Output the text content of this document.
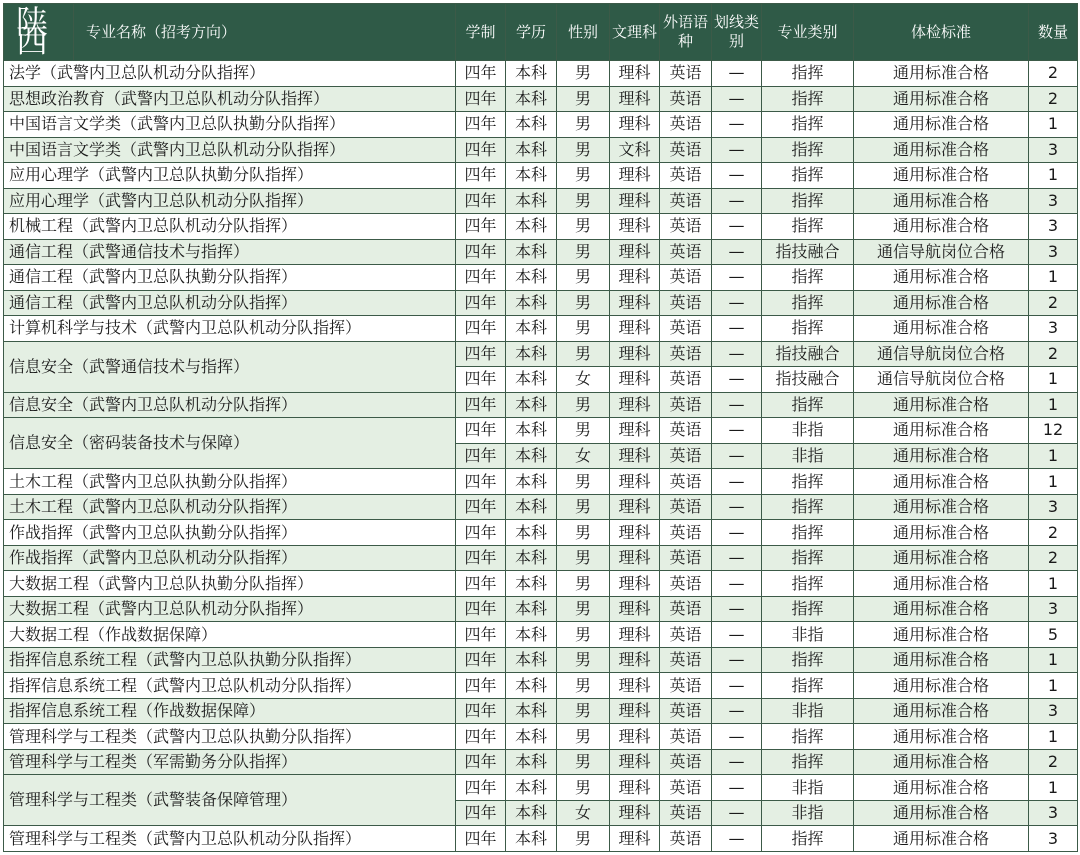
陕西	专业名称（招考方向）	学制	学历	性别	文理科	外语语种	划线类别	专业类别	体检标准	数量
法学（武警内卫总队机动分队指挥）		四年	本科	男	理科	英语	—	指挥	通用标准合格	2
思想政治教育（武警内卫总队机动分队指挥）		四年	本科	男	理科	英语	—	指挥	通用标准合格	2
中国语言文学类（武警内卫总队执勤分队指挥）		四年	本科	男	理科	英语	—	指挥	通用标准合格	1
中国语言文学类（武警内卫总队机动分队指挥）		四年	本科	男	文科	英语	—	指挥	通用标准合格	3
应用心理学（武警内卫总队执勤分队指挥）		四年	本科	男	理科	英语	—	指挥	通用标准合格	1
应用心理学（武警内卫总队机动分队指挥）		四年	本科	男	理科	英语	—	指挥	通用标准合格	3
机械工程（武警内卫总队机动分队指挥）		四年	本科	男	理科	英语	—	指挥	通用标准合格	3
通信工程（武警通信技术与指挥）		四年	本科	男	理科	英语	—	指技融合	通信导航岗位合格	3
通信工程（武警内卫总队执勤分队指挥）		四年	本科	男	理科	英语	—	指挥	通用标准合格	1
通信工程（武警内卫总队机动分队指挥）		四年	本科	男	理科	英语	—	指挥	通用标准合格	2
计算机科学与技术（武警内卫总队机动分队指挥）		四年	本科	男	理科	英语	—	指挥	通用标准合格	3
信息安全（武警通信技术与指挥）		四年	本科	男	理科	英语	—	指技融合	通信导航岗位合格	2
		四年	本科	女	理科	英语	—	指技融合	通信导航岗位合格	1
信息安全（武警内卫总队机动分队指挥）		四年	本科	男	理科	英语	—	指挥	通用标准合格	1
信息安全（密码装备技术与保障）		四年	本科	男	理科	英语	—	非指	通用标准合格	12
		四年	本科	女	理科	英语	—	非指	通用标准合格	1
土木工程（武警内卫总队执勤分队指挥）		四年	本科	男	理科	英语	—	指挥	通用标准合格	1
土木工程（武警内卫总队机动分队指挥）		四年	本科	男	理科	英语	—	指挥	通用标准合格	3
作战指挥（武警内卫总队执勤分队指挥）		四年	本科	男	理科	英语	—	指挥	通用标准合格	2
作战指挥（武警内卫总队机动分队指挥）		四年	本科	男	理科	英语	—	指挥	通用标准合格	2
大数据工程（武警内卫总队执勤分队指挥）		四年	本科	男	理科	英语	—	指挥	通用标准合格	1
大数据工程（武警内卫总队机动分队指挥）		四年	本科	男	理科	英语	—	指挥	通用标准合格	3
大数据工程（作战数据保障）		四年	本科	男	理科	英语	—	非指	通用标准合格	5
指挥信息系统工程（武警内卫总队执勤分队指挥）		四年	本科	男	理科	英语	—	指挥	通用标准合格	1
指挥信息系统工程（武警内卫总队机动分队指挥）		四年	本科	男	理科	英语	—	指挥	通用标准合格	1
指挥信息系统工程（作战数据保障）		四年	本科	男	理科	英语	—	非指	通用标准合格	3
管理科学与工程类（武警内卫总队执勤分队指挥）		四年	本科	男	理科	英语	—	指挥	通用标准合格	1
管理科学与工程类（军需勤务分队指挥）		四年	本科	男	理科	英语	—	指挥	通用标准合格	2
管理科学与工程类（武警装备保障管理）		四年	本科	男	理科	英语	—	非指	通用标准合格	1
		四年	本科	女	理科	英语	—	非指	通用标准合格	3
管理科学与工程类（武警内卫总队机动分队指挥）		四年	本科	男	理科	英语	—	指挥	通用标准合格	3
